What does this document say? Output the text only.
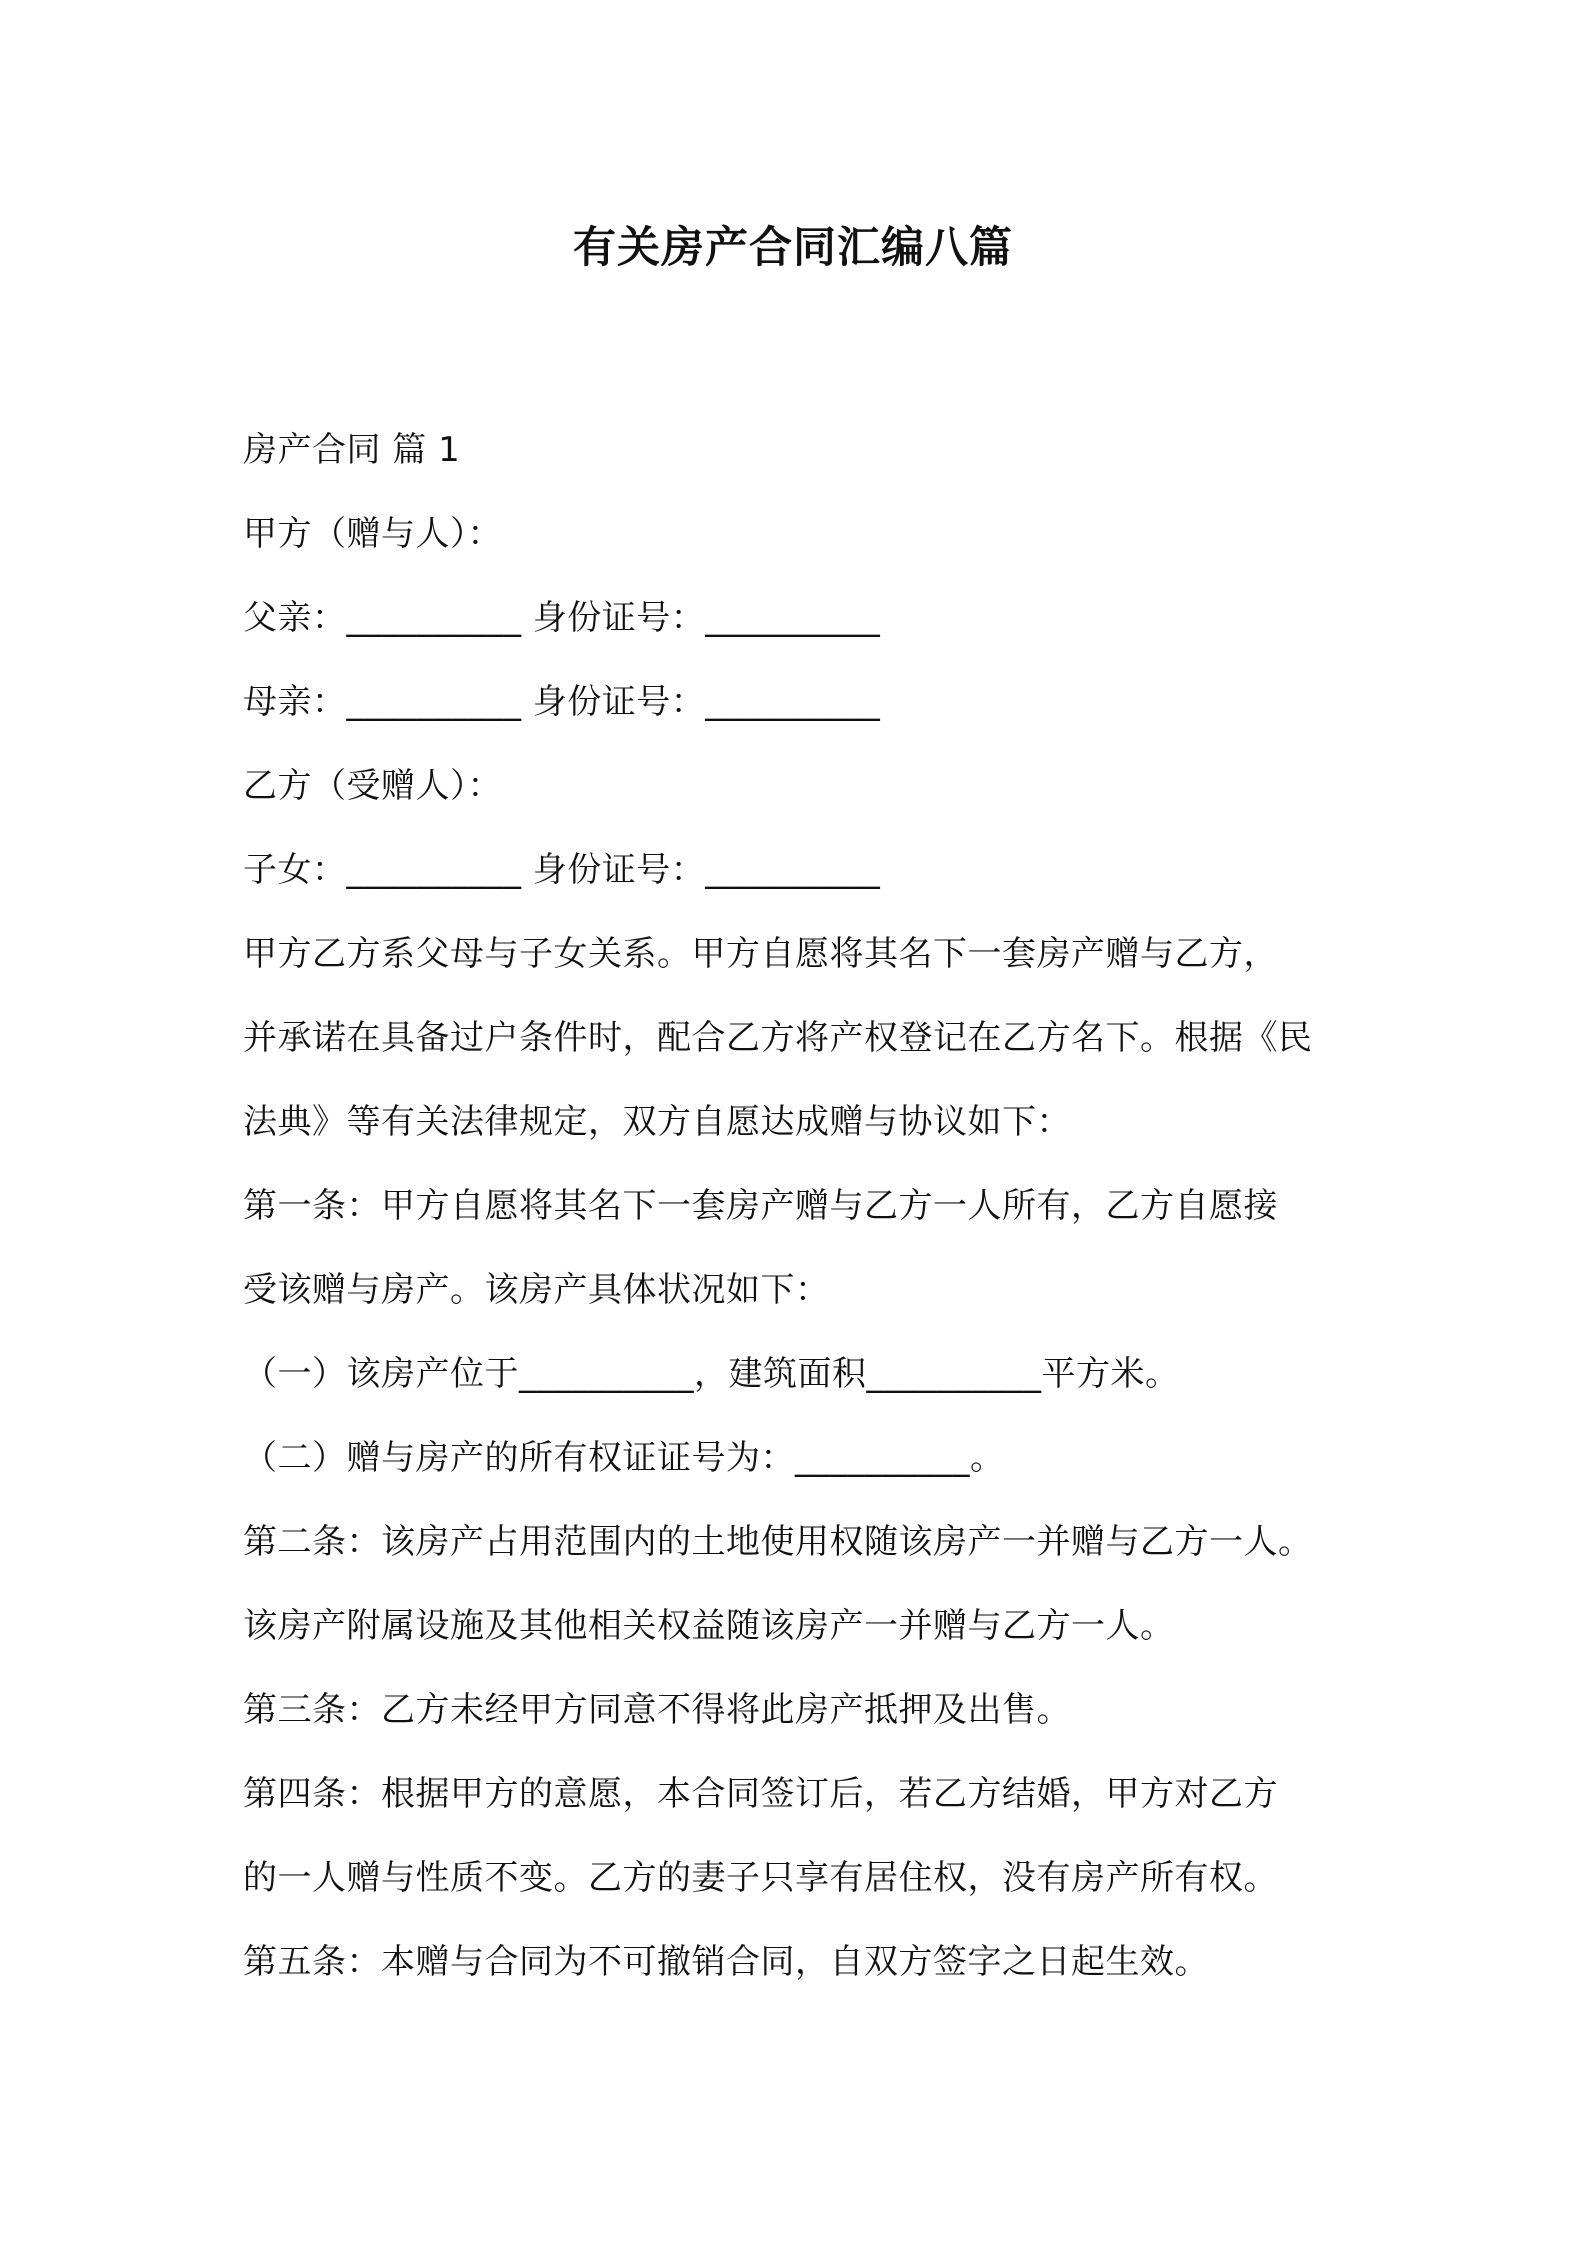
有关房产合同汇编八篇
房产合同 篇 1
甲方（赠与人）：
父亲：__________ 身份证号：__________
母亲：__________ 身份证号：__________
乙方（受赠人）：
子女：__________ 身份证号：__________
甲方乙方系父母与子女关系。甲方自愿将其名下一套房产赠与乙方，
并承诺在具备过户条件时，配合乙方将产权登记在乙方名下。根据《民
法典》等有关法律规定，双方自愿达成赠与协议如下：
第一条：甲方自愿将其名下一套房产赠与乙方一人所有，乙方自愿接
受该赠与房产。该房产具体状况如下：
（一）该房产位于__________，建筑面积__________平方米。
（二）赠与房产的所有权证证号为：__________。
第二条：该房产占用范围内的土地使用权随该房产一并赠与乙方一人。
该房产附属设施及其他相关权益随该房产一并赠与乙方一人。
第三条：乙方未经甲方同意不得将此房产抵押及出售。
第四条：根据甲方的意愿，本合同签订后，若乙方结婚，甲方对乙方
的一人赠与性质不变。乙方的妻子只享有居住权，没有房产所有权。
第五条：本赠与合同为不可撤销合同，自双方签字之日起生效。
